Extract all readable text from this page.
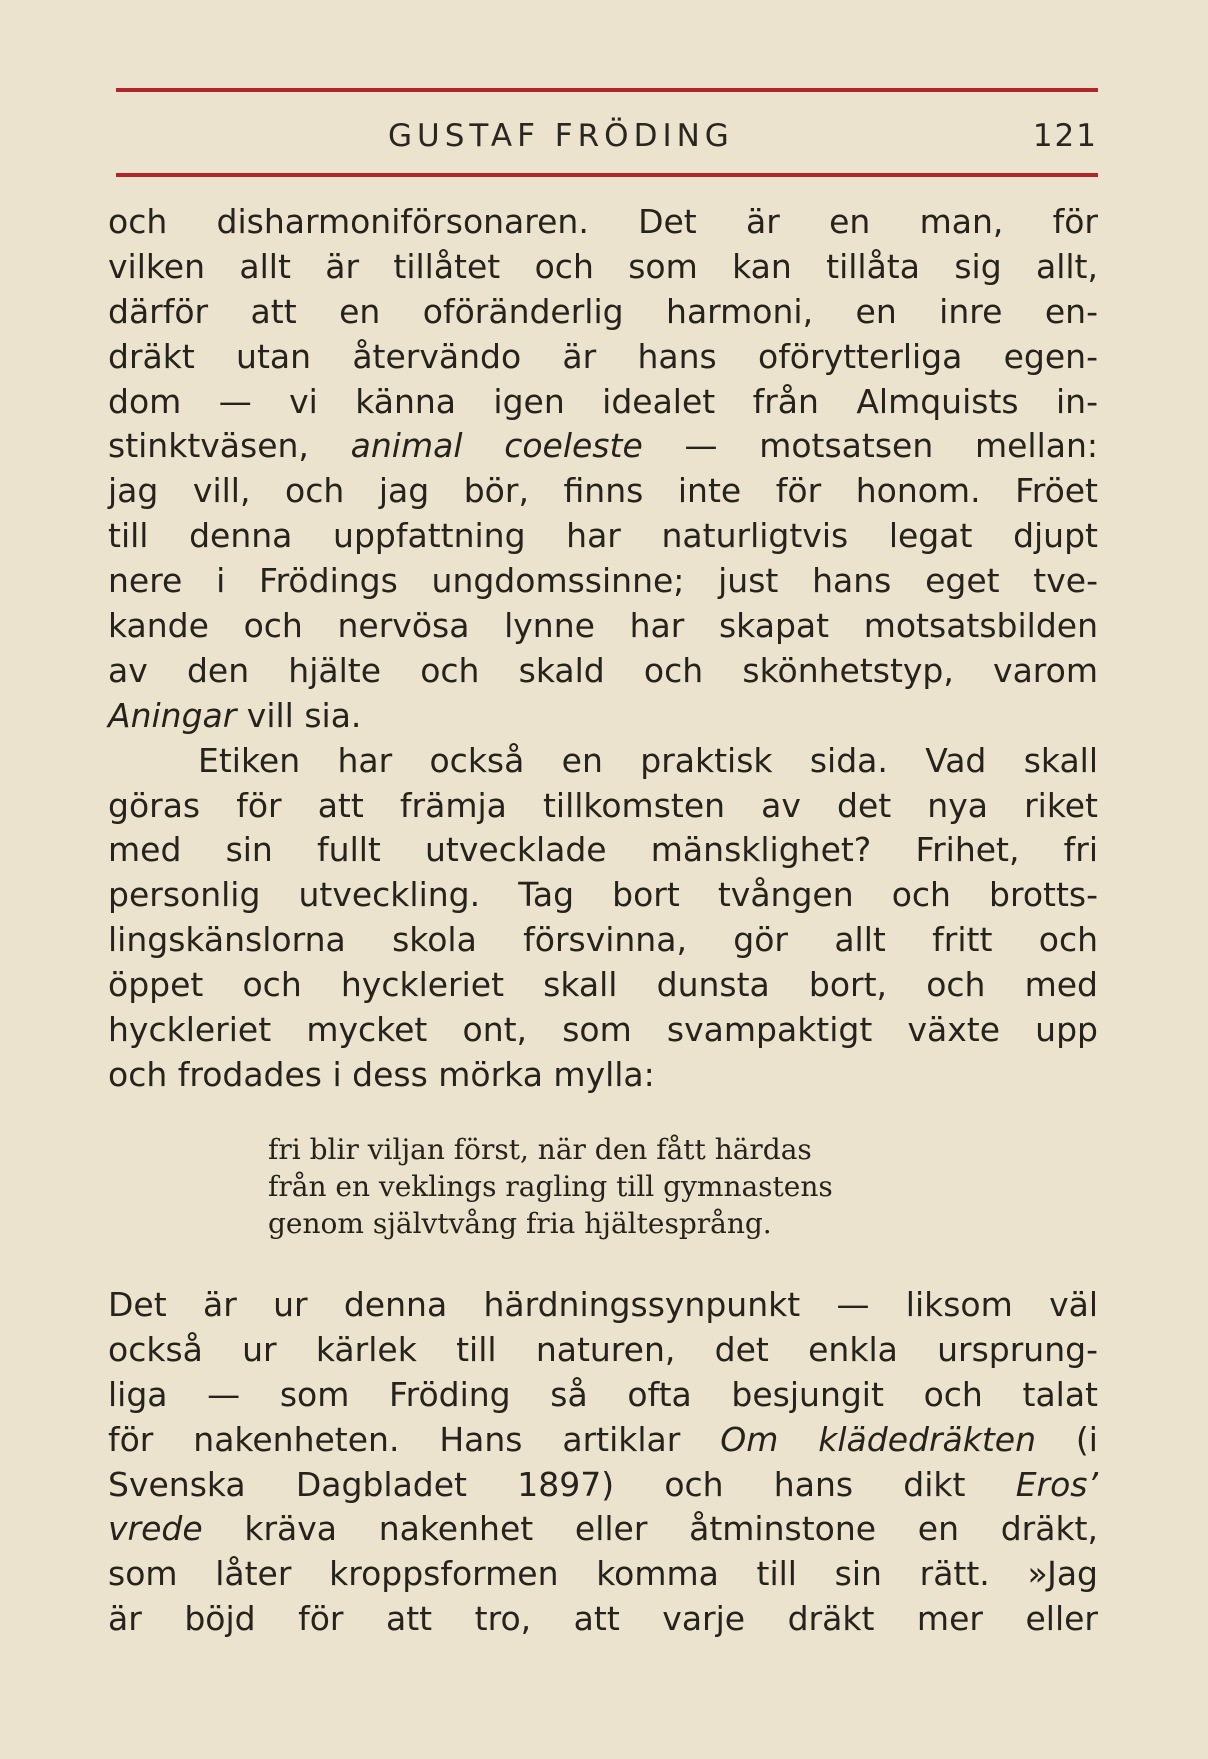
GUSTAF FRÖDING	121
och disharmoniförsonaren. Det är en man, för
vilken allt är tillåtet och som kan tillåta sig allt,
därför att en oföränderlig harmoni, en inre en-
dräkt utan återvändo är hans oförytterliga egen-
dom — vi känna igen idealet från Almquists in-
stinktväsen, animal coeleste — motsatsen mellan:
jag vill, och jag bör, finns inte för honom. Fröet
till denna uppfattning har naturligtvis legat djupt
nere i Frödings ungdomssinne; just hans eget tve-
kande och nervösa lynne har skapat motsatsbilden
av den hjälte och skald och skönhetstyp, varom
Aningar vill sia.
Etiken har också en praktisk sida. Vad skall
göras för att främja tillkomsten av det nya riket
med sin fullt utvecklade mänsklighet? Frihet, fri
personlig utveckling. Tag bort tvången och brotts-
lingskänslorna skola försvinna, gör allt fritt och
öppet och hyckleriet skall dunsta bort, och med
hyckleriet mycket ont, som svampaktigt växte upp
och frodades i dess mörka mylla:
fri blir viljan först, när den fått härdas
från en veklings ragling till gymnastens
genom självtvång fria hjältesprång.
Det är ur denna härdningssynpunkt — liksom väl
också ur kärlek till naturen, det enkla ursprung-
liga — som Fröding så ofta besjungit och talat
för nakenheten. Hans artiklar Om klädedräkten (i
Svenska Dagbladet 1897) och hans dikt Eros’
vrede kräva nakenhet eller åtminstone en dräkt,
som låter kroppsformen komma till sin rätt. »Jag
är böjd för att tro, att varje dräkt mer eller
